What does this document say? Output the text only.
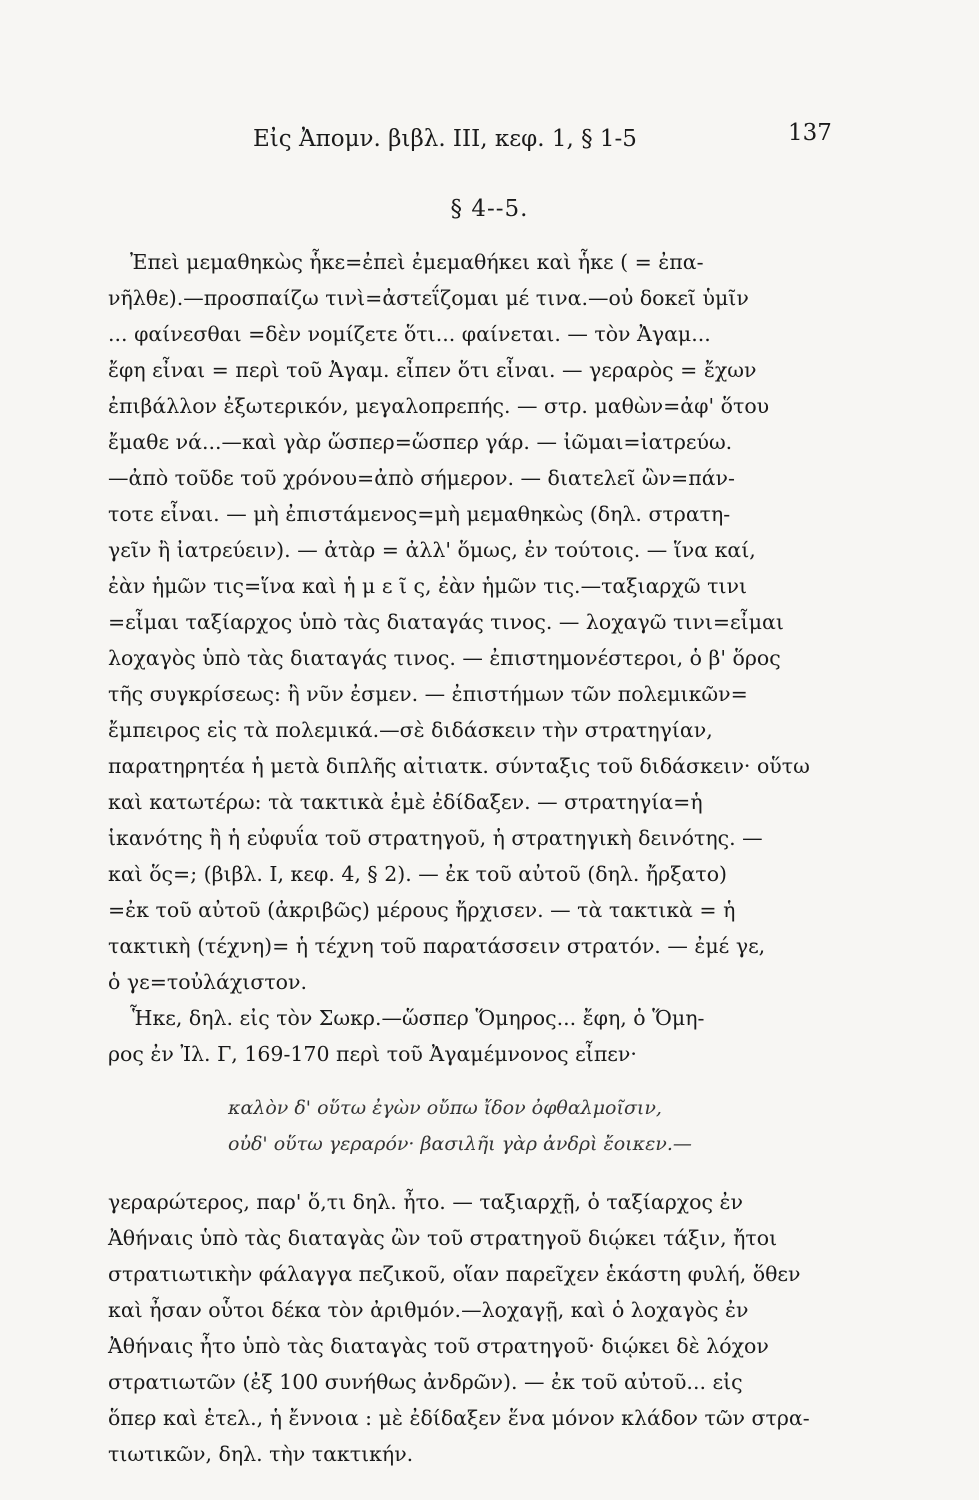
Εἰς Ἀπομν. βιβλ. ΙΙΙ, κεφ. 1, § 1-5	137
§ 4--5.
Ἐπεὶ μεμαθηκὼς ἧκε=ἐπεὶ ἐμεμαθήκει καὶ ἧκε ( = ἐπα-
νῆλθε).—προσπαίζω τινὶ=ἀστεΐζομαι μέ τινα.—οὐ δοκεῖ ὑμῖν
... φαίνεσθαι =δὲν νομίζετε ὅτι... φαίνεται. — τὸν Ἀγαμ...
ἔφη εἶναι = περὶ τοῦ Ἀγαμ. εἶπεν ὅτι εἶναι. — γεραρὸς = ἔχων
ἐπιβάλλον ἐξωτερικόν, μεγαλοπρεπής. — στρ. μαθὼν=ἀφ' ὅτου
ἔμαθε νά...—καὶ γὰρ ὥσπερ=ὥσπερ γάρ. — ἰῶμαι=ἰατρεύω.
—ἀπὸ τοῦδε τοῦ χρόνου=ἀπὸ σήμερον. — διατελεῖ ὢν=πάν-
τοτε εἶναι. — μὴ ἐπιστάμενος=μὴ μεμαθηκὼς (δηλ. στρατη-
γεῖν ἢ ἰατρεύειν). — ἀτὰρ = ἀλλ' ὅμως, ἐν τούτοις. — ἵνα καί,
ἐὰν ἡμῶν τις=ἵνα καὶ ἡ μ ε ῖ ς, ἐὰν ἡμῶν τις.—ταξιαρχῶ τινι
=εἶμαι ταξίαρχος ὑπὸ τὰς διαταγάς τινος. — λοχαγῶ τινι=εἶμαι
λοχαγὸς ὑπὸ τὰς διαταγάς τινος. — ἐπιστημονέστεροι, ὁ β' ὅρος
τῆς συγκρίσεως: ἢ νῦν ἐσμεν. — ἐπιστήμων τῶν πολεμικῶν=
ἔμπειρος εἰς τὰ πολεμικά.—σὲ διδάσκειν τὴν στρατηγίαν,
παρατηρητέα ἡ μετὰ διπλῆς αἰτιατκ. σύνταξις τοῦ διδάσκειν· οὕτω
καὶ κατωτέρω: τὰ τακτικὰ ἐμὲ ἐδίδαξεν. — στρατηγία=ἡ
ἱκανότης ἢ ἡ εὐφυΐα τοῦ στρατηγοῦ, ἡ στρατηγικὴ δεινότης. —
καὶ ὅς=; (βιβλ. Ι, κεφ. 4, § 2). — ἐκ τοῦ αὐτοῦ (δηλ. ἤρξατο)
=ἐκ τοῦ αὐτοῦ (ἀκριβῶς) μέρους ἤρχισεν. — τὰ τακτικὰ = ἡ
τακτικὴ (τέχνη)= ἡ τέχνη τοῦ παρατάσσειν στρατόν. — ἐμέ γε,
ὁ γε=τοὐλάχιστον.
Ἧκε, δηλ. εἰς τὸν Σωκρ.—ὥσπερ Ὅμηρος... ἔφη, ὁ Ὅμη-
ρος ἐν Ἰλ. Γ, 169-170 περὶ τοῦ Ἀγαμέμνονος εἶπεν·
καλὸν δ' οὕτω ἐγὼν οὔπω ἴδον ὀφθαλμοῖσιν,
οὐδ' οὕτω γεραρόν· βασιλῆι γὰρ ἀνδρὶ ἔοικεν.—
γεραρώτερος, παρ' ὅ,τι δηλ. ἦτο. — ταξιαρχῇ, ὁ ταξίαρχος ἐν
Ἀθήναις ὑπὸ τὰς διαταγὰς ὢν τοῦ στρατηγοῦ διῴκει τάξιν, ἤτοι
στρατιωτικὴν φάλαγγα πεζικοῦ, οἵαν παρεῖχεν ἑκάστη φυλή, ὅθεν
καὶ ἦσαν οὗτοι δέκα τὸν ἀριθμόν.—λοχαγῇ, καὶ ὁ λοχαγὸς ἐν
Ἀθήναις ἦτο ὑπὸ τὰς διαταγὰς τοῦ στρατηγοῦ· διῴκει δὲ λόχον
στρατιωτῶν (ἐξ 100 συνήθως ἀνδρῶν). — ἐκ τοῦ αὐτοῦ... εἰς
ὅπερ καὶ ἑτελ., ἡ ἔννοια : μὲ ἐδίδαξεν ἕνα μόνον κλάδον τῶν στρα-
τιωτικῶν, δηλ. τὴν τακτικήν.
